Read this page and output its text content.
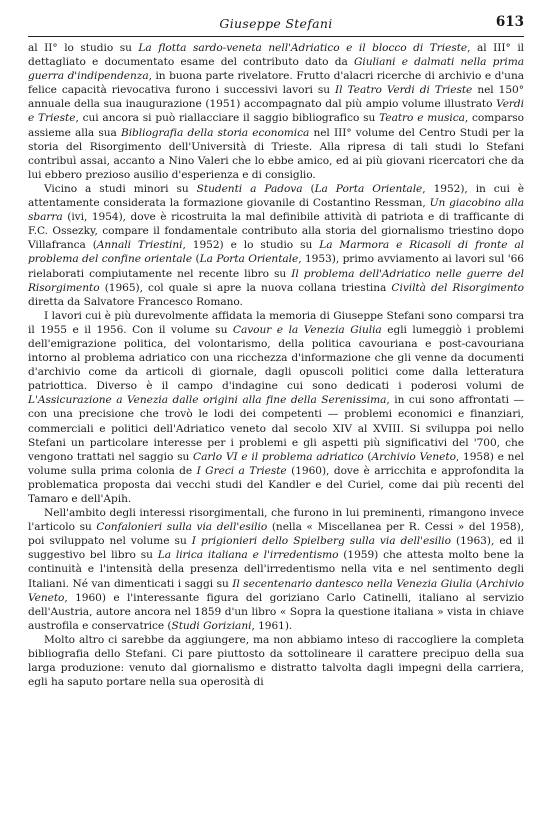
Giuseppe Stefani	613

al II° lo studio su La flotta sardo-veneta nell'Adriatico e il blocco di Trieste, al III° il dettagliato e documentato esame del contributo dato da Giuliani e dalmati nella prima guerra d'indipendenza, in buona parte rivelatore. Frutto d'alacri ricerche di archivio e d'una felice capacità rievocativa furono i successivi lavori su Il Teatro Verdi di Trieste nel 150° annuale della sua inaugurazione (1951) accompagnato dal più ampio volume illustrato Verdi e Trieste, cui ancora si può riallacciare il saggio bibliografico su Teatro e musica, comparso assieme alla sua Bibliografia della storia economica nel III° volume del Centro Studi per la storia del Risorgimento dell'Università di Trieste. Alla ripresa di tali studi lo Stefani contribuì assai, accanto a Nino Valeri che lo ebbe amico, ed ai più giovani ricercatori che da lui ebbero prezioso ausilio d'esperienza e di consiglio.

Vicino a studi minori su Studenti a Padova (La Porta Orientale, 1952), in cui è attentamente considerata la formazione giovanile di Costantino Ressman, Un giacobino alla sbarra (ivi, 1954), dove è ricostruita la mal definibile attività di patriota e di trafficante di F.C. Ossezky, compare il fondamentale contributo alla storia del giornalismo triestino dopo Villafranca (Annali Triestini, 1952) e lo studio su La Marmora e Ricasoli di fronte al problema del confine orientale (La Porta Orientale, 1953), primo avviamento ai lavori sul '66 rielaborati compiutamente nel recente libro su Il problema dell'Adriatico nelle guerre del Risorgimento (1965), col quale si apre la nuova collana triestina Civiltà del Risorgimento diretta da Salvatore Francesco Romano.

I lavori cui è più durevolmente affidata la memoria di Giuseppe Stefani sono comparsi tra il 1955 e il 1956. Con il volume su Cavour e la Venezia Giulia egli lumeggiò i problemi dell'emigrazione politica, del volontarismo, della politica cavouriana e post-cavouriana intorno al problema adriatico con una ricchezza d'informazione che gli venne da documenti d'archivio come da articoli di giornale, dagli opuscoli politici come dalla letteratura patriottica. Diverso è il campo d'indagine cui sono dedicati i poderosi volumi de L'Assicurazione a Venezia dalle origini alla fine della Serenissima, in cui sono affrontati — con una precisione che trovò le lodi dei competenti — problemi economici e finanziari, commerciali e politici dell'Adriatico veneto dal secolo XIV al XVIII. Si sviluppa poi nello Stefani un particolare interesse per i problemi e gli aspetti più significativi del '700, che vengono trattati nel saggio su Carlo VI e il problema adriatico (Archivio Veneto, 1958) e nel volume sulla prima colonia de I Greci a Trieste (1960), dove è arricchita e approfondita la problematica proposta dai vecchi studi del Kandler e del Curiel, come dai più recenti del Tamaro e dell'Apih.

Nell'ambito degli interessi risorgimentali, che furono in lui preminenti, rimangono invece l'articolo su Confalonieri sulla via dell'esilio (nella « Miscellanea per R. Cessi » del 1958), poi sviluppato nel volume su I prigionieri dello Spielberg sulla via dell'esilio (1963), ed il suggestivo bel libro su La lirica italiana e l'irredentismo (1959) che attesta molto bene la continuità e l'intensità della presenza dell'irredentismo nella vita e nel sentimento degli Italiani. Né van dimenticati i saggi su Il secentenario dantesco nella Venezia Giulia (Archivio Veneto, 1960) e l'interessante figura del goriziano Carlo Catinelli, italiano al servizio dell'Austria, autore ancora nel 1859 d'un libro « Sopra la questione italiana » vista in chiave austrofila e conservatrice (Studi Goriziani, 1961).

Molto altro ci sarebbe da aggiungere, ma non abbiamo inteso di raccogliere la completa bibliografia dello Stefani. Ci pare piuttosto da sottolineare il carattere precipuo della sua larga produzione: venuto dal giornalismo e distratto talvolta dagli impegni della carriera, egli ha saputo portare nella sua operosità di
